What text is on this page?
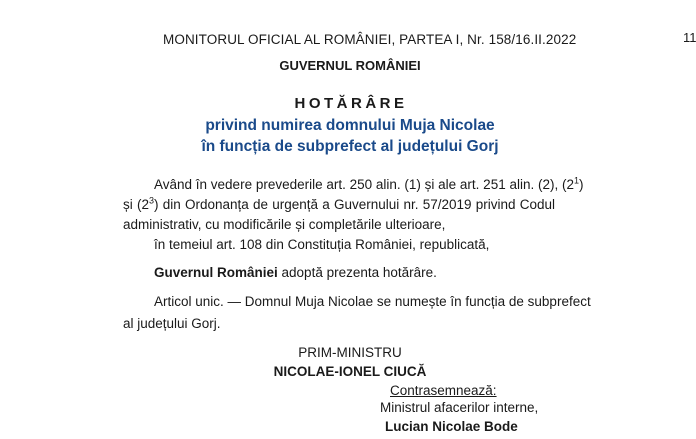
MONITORUL OFICIAL AL ROMÂNIEI, PARTEA I, Nr. 158/16.II.2022	11
GUVERNUL ROMÂNIEI
HOTĂRÂRE
privind numirea domnului Muja Nicolae
în funcția de subprefect al județului Gorj
Având în vedere prevederile art. 250 alin. (1) și ale art. 251 alin. (2), $(2^1)$
și $(2^3)$ din Ordonanța de urgență a Guvernului nr. 57/2019 privind Codul
administrativ, cu modificările și completările ulterioare,
în temeiul art. 108 din Constituția României, republicată,
Guvernul României adoptă prezenta hotărâre.
Articol unic. — Domnul Muja Nicolae se numește în funcția de subprefect
al județului Gorj.
PRIM-MINISTRU
NICOLAE-IONEL CIUCĂ
Contrasemnează:
Ministrul afacerilor interne,
Lucian Nicolae Bode
